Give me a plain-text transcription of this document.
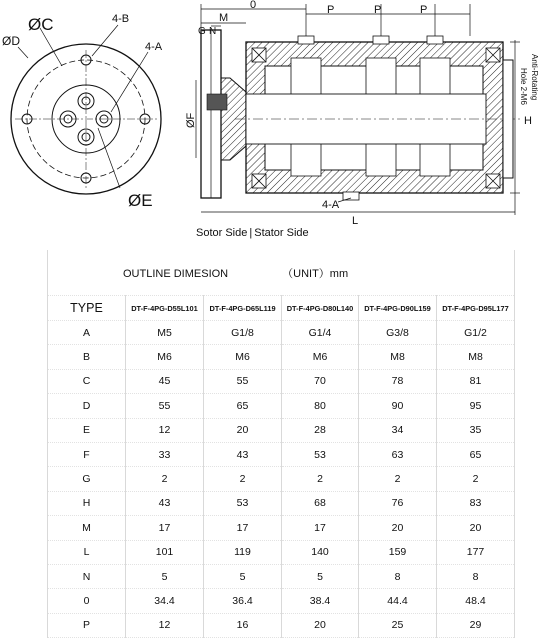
ØC
ØD
4-B
4-A
ØE
0
M
G N
P	P	P
ØF	H
L
4-A
Anti-Rotating
Hole 2-M6
Sotor Side | Stator Side
OUTLINE DIMESION （UNIT）mm					
TYPE	DT-F-4PG-D55L101	DT-F-4PG-D65L119	DT-F-4PG-D80L140	DT-F-4PG-D90L159	DT-F-4PG-D95L177
A	M5	G1/8	G1/4	G3/8	G1/2
B	M6	M6	M6	M8	M8
C	45	55	70	78	81
D	55	65	80	90	95
E	12	20	28	34	35
F	33	43	53	63	65
G	2	2	2	2	2
H	43	53	68	76	83
M	17	17	17	20	20
L	101	119	140	159	177
N	5	5	5	8	8
0	34.4	36.4	38.4	44.4	48.4
P	12	16	20	25	29
